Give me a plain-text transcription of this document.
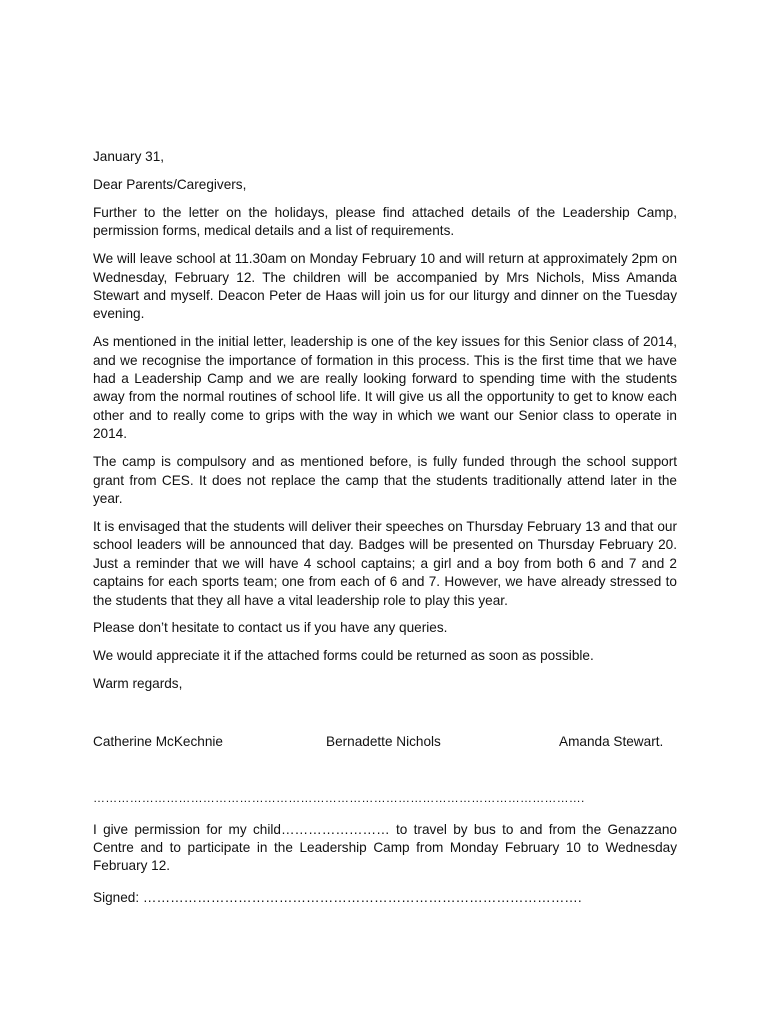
January 31,

Dear Parents/Caregivers,

Further to the letter on the holidays, please find attached details of the Leadership Camp, permission forms, medical details and a list of requirements.

We will leave school at 11.30am on Monday February 10 and will return at approximately 2pm on Wednesday, February 12. The children will be accompanied by Mrs Nichols, Miss Amanda Stewart and myself. Deacon Peter de Haas will join us for our liturgy and dinner on the Tuesday evening.

As mentioned in the initial letter, leadership is one of the key issues for this Senior class of 2014, and we recognise the importance of formation in this process. This is the first time that we have had a Leadership Camp and we are really looking forward to spending time with the students away from the normal routines of school life. It will give us all the opportunity to get to know each other and to really come to grips with the way in which we want our Senior class to operate in 2014.

The camp is compulsory and as mentioned before, is fully funded through the school support grant from CES. It does not replace the camp that the students traditionally attend later in the year.

It is envisaged that the students will deliver their speeches on Thursday February 13 and that our school leaders will be announced that day. Badges will be presented on Thursday February 20. Just a reminder that we will have 4 school captains; a girl and a boy from both 6 and 7 and 2 captains for each sports team; one from each of 6 and 7. However, we have already stressed to the students that they all have a vital leadership role to play this year.

Please don’t hesitate to contact us if you have any queries.

We would appreciate it if the attached forms could be returned as soon as possible.

Warm regards,

Catherine McKechnie	Bernadette Nichols	Amanda Stewart.
………………………………………………………………………………………………………….

I give permission for my child…………………… to travel by bus to and from the Genazzano Centre and to participate in the Leadership Camp from Monday February 10 to Wednesday February 12.

Signed: …………………………………………………………………………………….
